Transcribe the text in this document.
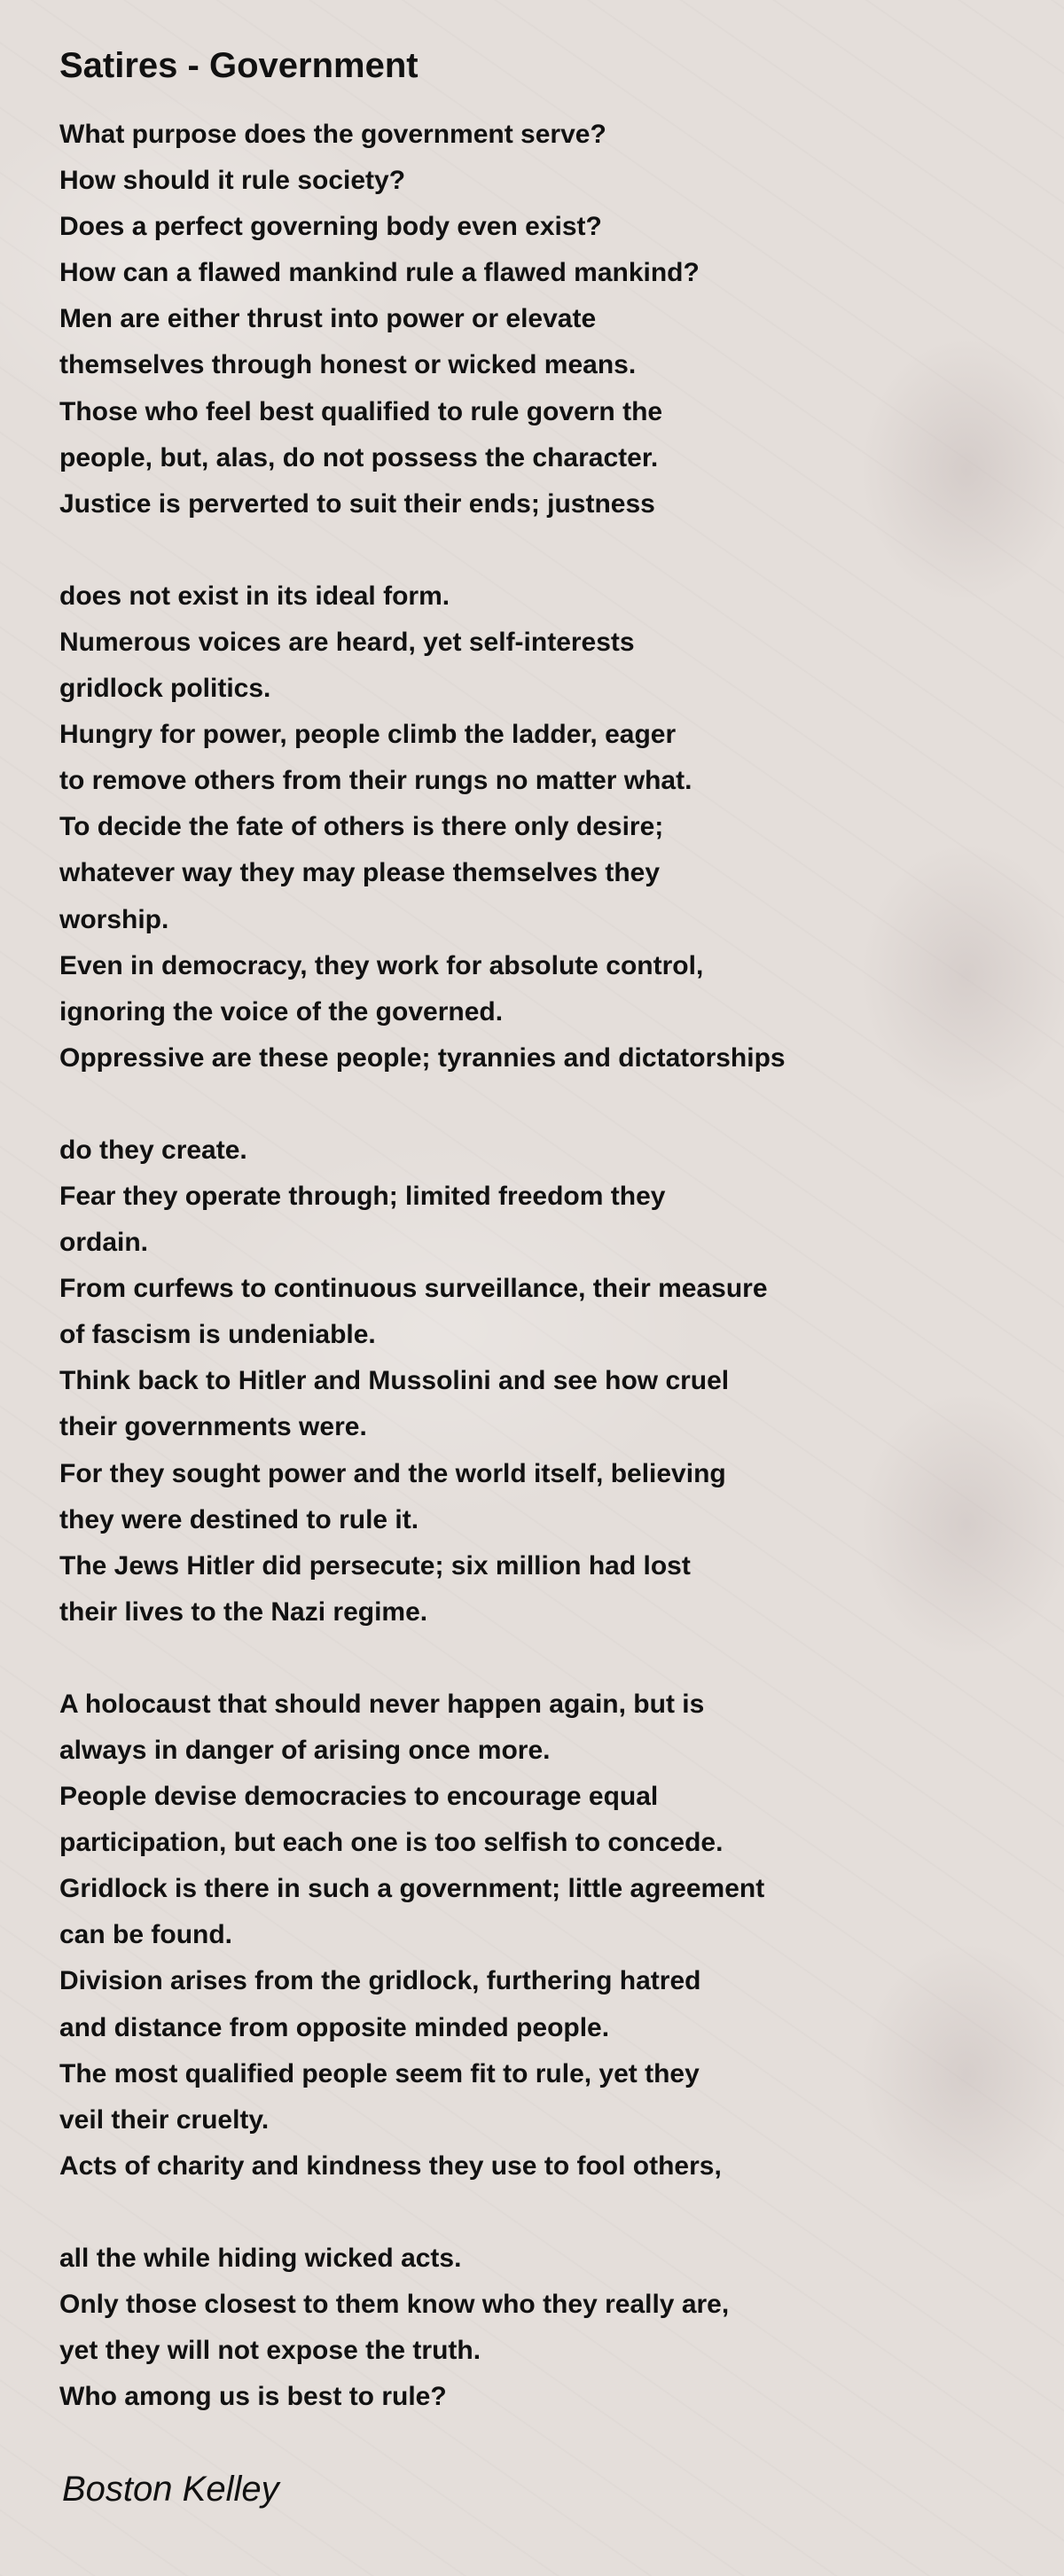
Satires - Government
What purpose does the government serve?
How should it rule society?
Does a perfect governing body even exist?
How can a flawed mankind rule a flawed mankind?
Men are either thrust into power or elevate
themselves through honest or wicked means.
Those who feel best qualified to rule govern the
people, but, alas, do not possess the character.
Justice is perverted to suit their ends; justness
does not exist in its ideal form.
Numerous voices are heard, yet self-interests
gridlock politics.
Hungry for power, people climb the ladder, eager
to remove others from their rungs no matter what.
To decide the fate of others is there only desire;
whatever way they may please themselves they
worship.
Even in democracy, they work for absolute control,
ignoring the voice of the governed.
Oppressive are these people; tyrannies and dictatorships
do they create.
Fear they operate through; limited freedom they
ordain.
From curfews to continuous surveillance, their measure
of fascism is undeniable.
Think back to Hitler and Mussolini and see how cruel
their governments were.
For they sought power and the world itself, believing
they were destined to rule it.
The Jews Hitler did persecute; six million had lost
their lives to the Nazi regime.
A holocaust that should never happen again, but is
always in danger of arising once more.
People devise democracies to encourage equal
participation, but each one is too selfish to concede.
Gridlock is there in such a government; little agreement
can be found.
Division arises from the gridlock, furthering hatred
and distance from opposite minded people.
The most qualified people seem fit to rule, yet they
veil their cruelty.
Acts of charity and kindness they use to fool others,
all the while hiding wicked acts.
Only those closest to them know who they really are,
yet they will not expose the truth.
Who among us is best to rule?
Boston Kelley
